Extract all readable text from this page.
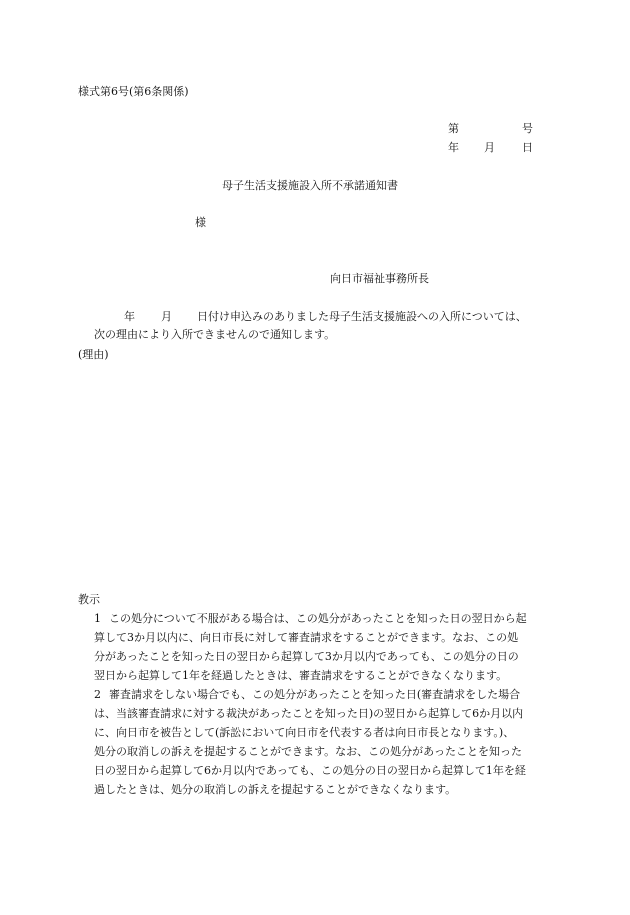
様式第6号(第6条関係)
第	号
年 月 日
母子生活支援施設入所不承諾通知書
様
向日市福祉事務所長
年 月 日付け申込みのありました母子生活支援施設への入所については、
次の理由により入所できませんので通知します。
(理由)
教示
1 この処分について不服がある場合は、この処分があったことを知った日の翌日から起
算して3か月以内に、向日市長に対して審査請求をすることができます。なお、この処
分があったことを知った日の翌日から起算して3か月以内であっても、この処分の日の
翌日から起算して1年を経過したときは、審査請求をすることができなくなります。
2 審査請求をしない場合でも、この処分があったことを知った日(審査請求をした場合
は、当該審査請求に対する裁決があったことを知った日)の翌日から起算して6か月以内
に、向日市を被告として(訴訟において向日市を代表する者は向日市長となります。)、
処分の取消しの訴えを提起することができます。なお、この処分があったことを知った
日の翌日から起算して6か月以内であっても、この処分の日の翌日から起算して1年を経
過したときは、処分の取消しの訴えを提起することができなくなります。
